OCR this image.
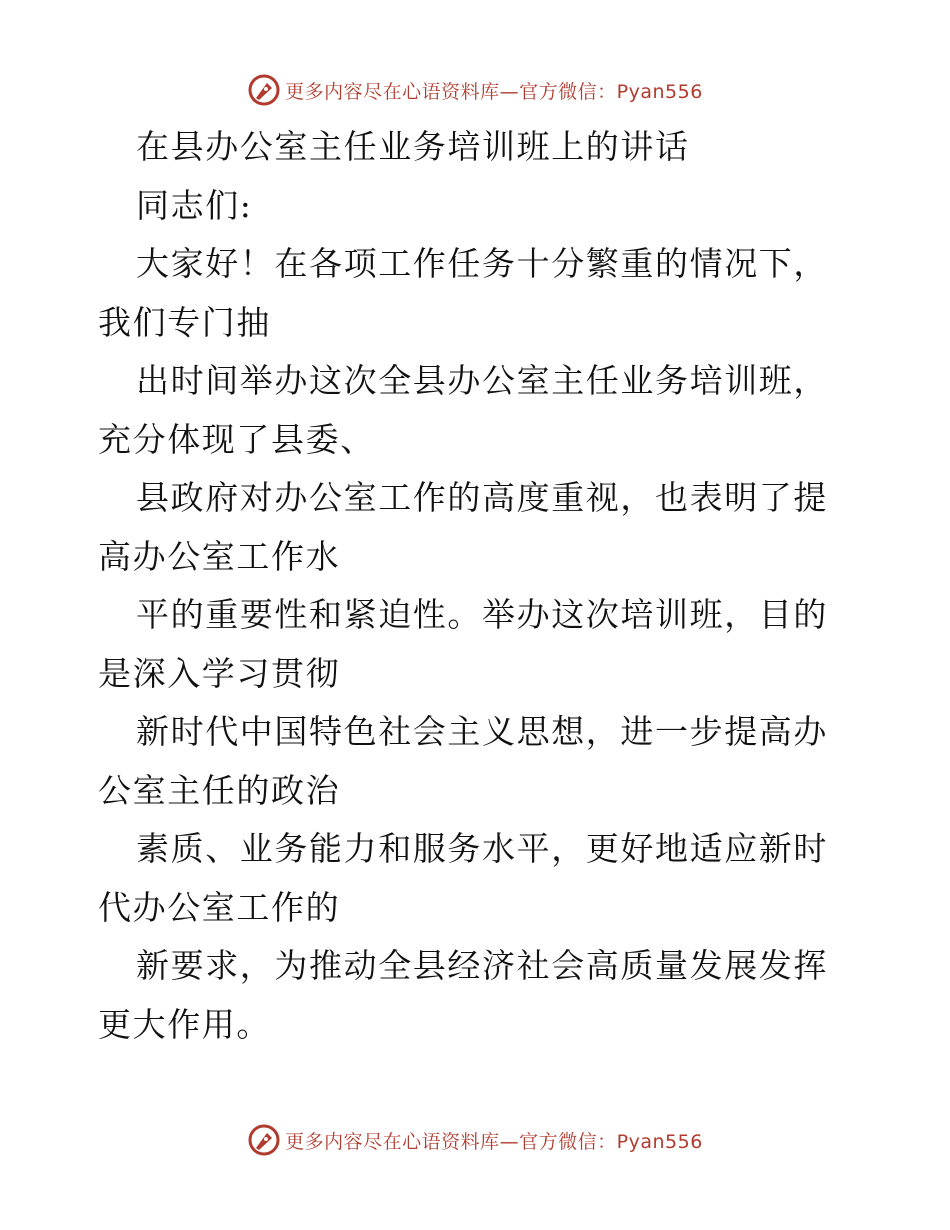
更多内容尽在心语资料库—官方微信：Pyan556

在县办公室主任业务培训班上的讲话

同志们:

大家好！在各项工作任务十分繁重的情况下，我们专门抽

出时间举办这次全县办公室主任业务培训班，充分体现了县委、

县政府对办公室工作的高度重视，也表明了提高办公室工作水

平的重要性和紧迫性。举办这次培训班，目的是深入学习贯彻

新时代中国特色社会主义思想，进一步提高办公室主任的政治

素质、业务能力和服务水平，更好地适应新时代办公室工作的

新要求，为推动全县经济社会高质量发展发挥更大作用。

更多内容尽在心语资料库—官方微信：Pyan556
